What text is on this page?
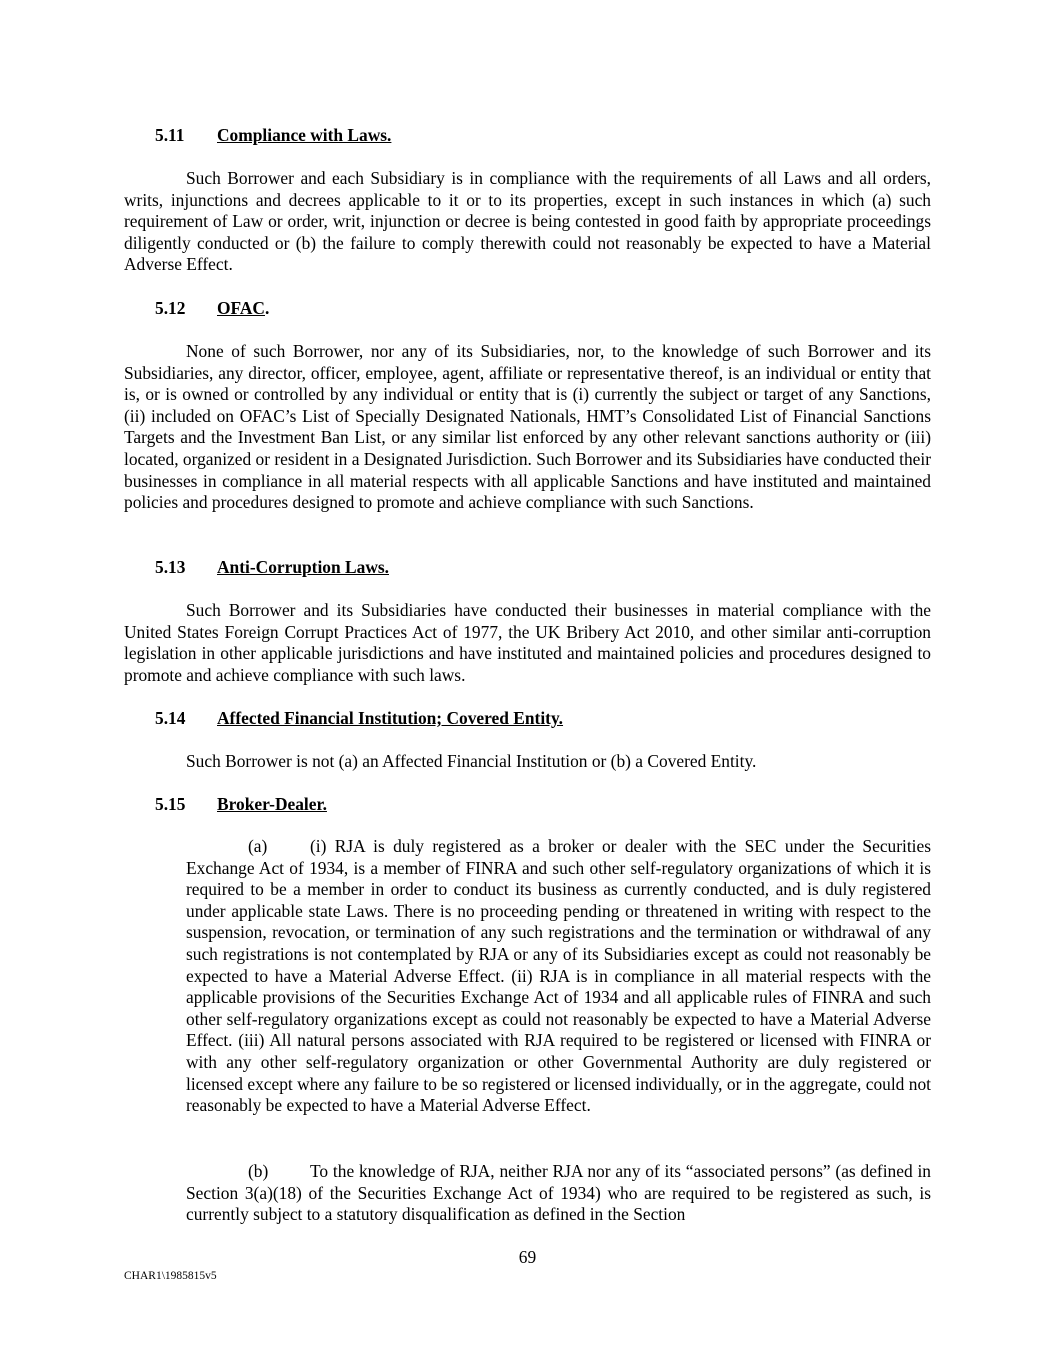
5.11 Compliance with Laws.

Such Borrower and each Subsidiary is in compliance with the requirements of all Laws and all orders, writs, injunctions and decrees applicable to it or to its properties, except in such instances in which (a) such requirement of Law or order, writ, injunction or decree is being contested in good faith by appropriate proceedings diligently conducted or (b) the failure to comply therewith could not reasonably be expected to have a Material Adverse Effect.

5.12 OFAC.

None of such Borrower, nor any of its Subsidiaries, nor, to the knowledge of such Borrower and its Subsidiaries, any director, officer, employee, agent, affiliate or representative thereof, is an individual or entity that is, or is owned or controlled by any individual or entity that is (i) currently the subject or target of any Sanctions, (ii) included on OFAC’s List of Specially Designated Nationals, HMT’s Consolidated List of Financial Sanctions Targets and the Investment Ban List, or any similar list enforced by any other relevant sanctions authority or (iii) located, organized or resident in a Designated Jurisdiction. Such Borrower and its Subsidiaries have conducted their businesses in compliance in all material respects with all applicable Sanctions and have instituted and maintained policies and procedures designed to promote and achieve compliance with such Sanctions.

5.13 Anti-Corruption Laws.

Such Borrower and its Subsidiaries have conducted their businesses in material compliance with the United States Foreign Corrupt Practices Act of 1977, the UK Bribery Act 2010, and other similar anti-corruption legislation in other applicable jurisdictions and have instituted and maintained policies and procedures designed to promote and achieve compliance with such laws.

5.14 Affected Financial Institution; Covered Entity.

Such Borrower is not (a) an Affected Financial Institution or (b) a Covered Entity.

5.15 Broker-Dealer.

(a) (i) RJA is duly registered as a broker or dealer with the SEC under the Securities Exchange Act of 1934, is a member of FINRA and such other self-regulatory organizations of which it is required to be a member in order to conduct its business as currently conducted, and is duly registered under applicable state Laws. There is no proceeding pending or threatened in writing with respect to the suspension, revocation, or termination of any such registrations and the termination or withdrawal of any such registrations is not contemplated by RJA or any of its Subsidiaries except as could not reasonably be expected to have a Material Adverse Effect. (ii) RJA is in compliance in all material respects with the applicable provisions of the Securities Exchange Act of 1934 and all applicable rules of FINRA and such other self-regulatory organizations except as could not reasonably be expected to have a Material Adverse Effect. (iii) All natural persons associated with RJA required to be registered or licensed with FINRA or with any other self-regulatory organization or other Governmental Authority are duly registered or licensed except where any failure to be so registered or licensed individually, or in the aggregate, could not reasonably be expected to have a Material Adverse Effect.

(b) To the knowledge of RJA, neither RJA nor any of its “associated persons” (as defined in Section 3(a)(18) of the Securities Exchange Act of 1934) who are required to be registered as such, is currently subject to a statutory disqualification as defined in the Section

69
CHAR1\1985815v5
